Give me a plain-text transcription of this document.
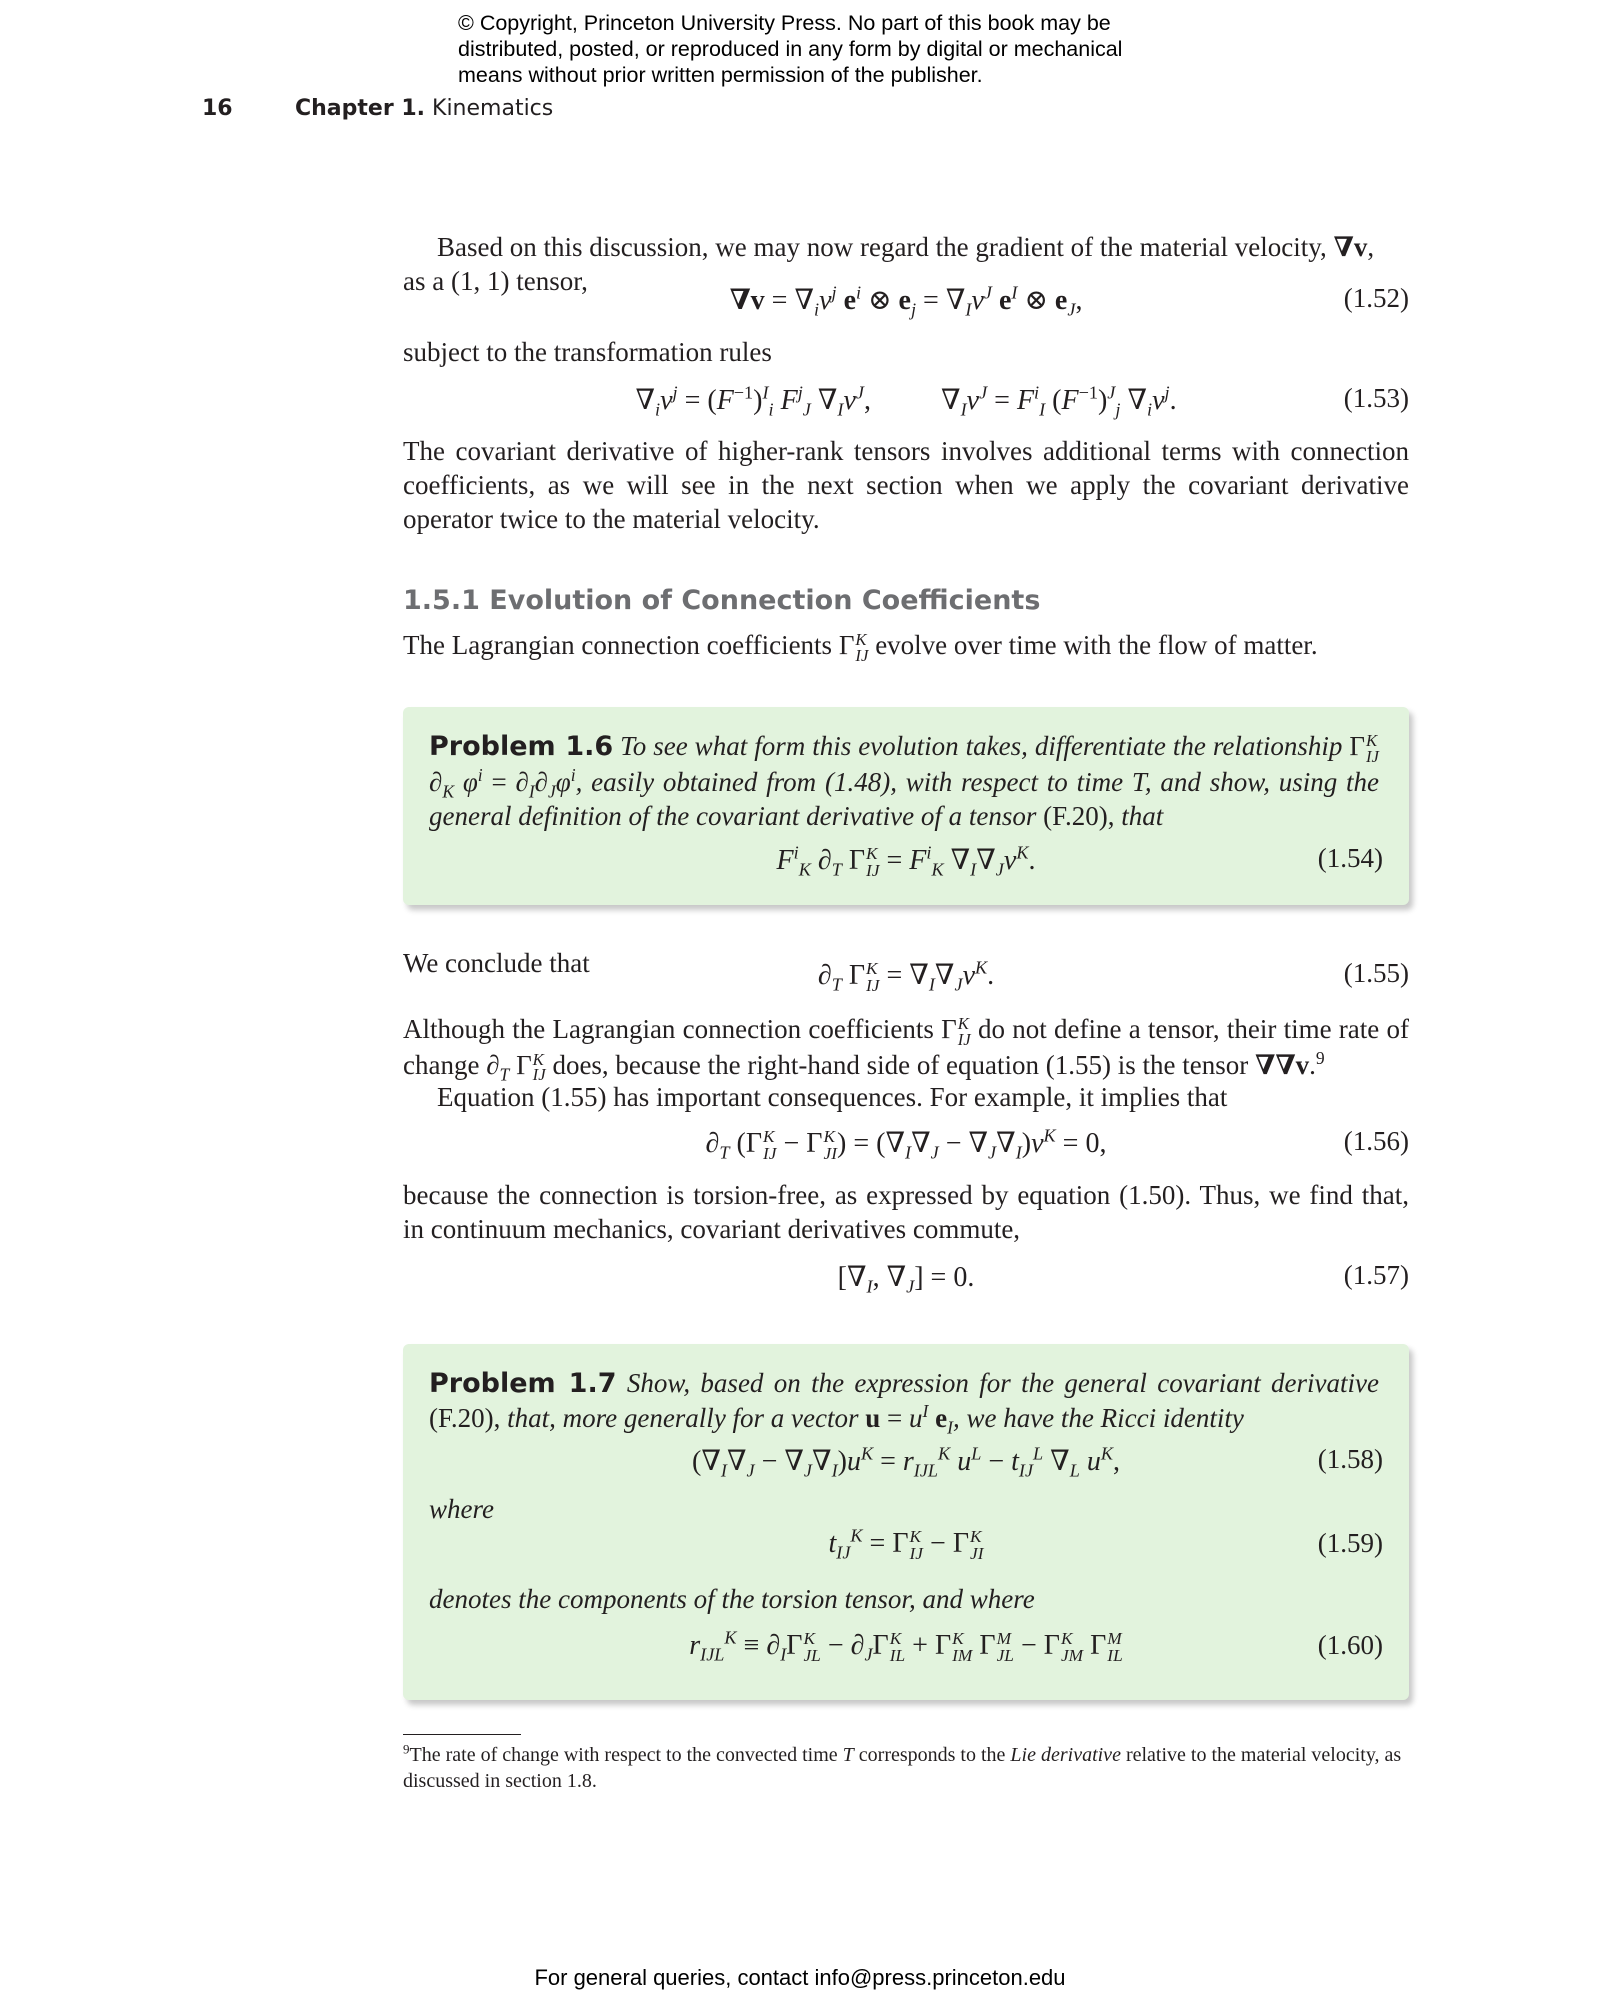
© Copyright, Princeton University Press. No part of this book may be
distributed, posted, or reproduced in any form by digital or mechanical
means without prior written permission of the publisher.
16	Chapter 1. Kinematics
Based on this discussion, we may now regard the gradient of the material velocity, ∇v,
as a (1, 1) tensor,
$\nabla v = \nabla_iv^j$ $e^i$ ⊗ $e_j = \nabla_Iv^J$ $e^I$ ⊗ $e_J$,	(1.52)
subject to the transformation rules
$\nabla_iv^j = (F^{-1})^I_i$ $F^j_J$ $\nabla_Iv^J$,          $\nabla_Iv^J = F^i_I$ $(F^{-1})^J_j$ $\nabla_iv^j$.	(1.53)
The covariant derivative of higher-rank tensors involves additional terms with connection coefficients, as we will see in the next section when we apply the covariant derivative operator twice to the material velocity.
1.5.1 Evolution of Connection Coefficients
The Lagrangian connection coefficients Γ K
IJ evolve over time with the flow of matter.
Problem 1.6 To see what form this evolution takes, differentiate the relationship Γ K
IJ
$\partial_K$ $\varphi^i = \partial_I\partial_J\varphi^i$, easily obtained from (1.48), with respect to time T, and show, using the general definition of the covariant derivative of a tensor (F.20), that
$F^i_K$ $\partial_T$ Γ K
IJ = $F^i_K$ $\nabla_I\nabla_Jv^K$.	(1.54)
We conclude that	$\partial_T$ Γ K
IJ = $\nabla_I\nabla_Jv^K$.	(1.55)
Although the Lagrangian connection coefficients Γ K
IJ do not define a tensor, their time rate of change $\partial_T$ Γ K
IJ does, because the right-hand side of equation (1.55) is the tensor ∇∇v.$^9$
Equation (1.55) has important consequences. For example, it implies that
$\partial_T$ (Γ K
IJ − Γ K
JI ) = $(\nabla_I\nabla_J - \nabla_J\nabla_I)v^K = 0$,	(1.56)
because the connection is torsion-free, as expressed by equation (1.50). Thus, we find that, in continuum mechanics, covariant derivatives commute,
[$\nabla_I$, $\nabla_J] = 0$.	(1.57)
Problem 1.7 Show, based on the expression for the general covariant derivative (F.20), that, more generally for a vector $u = u^I$ $e_I$, we have the Ricci identity
$(\nabla_I\nabla_J - \nabla_J\nabla_I)u^K = r_{IJL}^K$ $u^L - t_{IJ}^L$ $\nabla_L$ $u^K$,	(1.58)
where
$t_{IJ}^K = \Gamma$ K
IJ − Γ K
JI	(1.59)
denotes the components of the torsion tensor, and where
$r_{IJL}^K \equiv \partial_I\Gamma$ K
JL − $\partial_J\Gamma$ K
IL + Γ K
IM Γ M
JL − Γ K
JM Γ M
IL	(1.60)
$^9$The rate of change with respect to the convected time T corresponds to the Lie derivative relative to the material velocity, as discussed in section 1.8.
For general queries, contact info@press.princeton.edu
